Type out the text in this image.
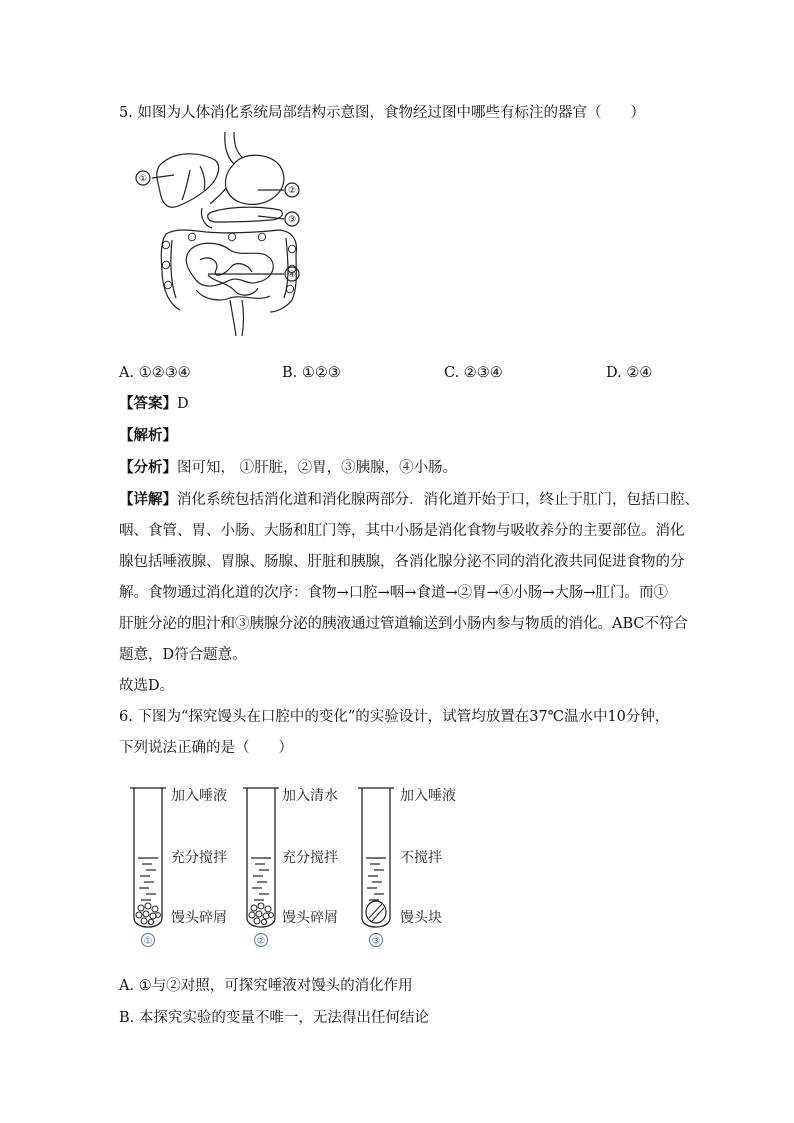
5. 如图为人体消化系统局部结构示意图，食物经过图中哪些有标注的器官（　　）
①
②
③
④
A. ①②③④	B. ①②③	C. ②③④	D. ②④
【答案】D
【解析】
【分析】图可知， ①肝脏，②胃，③胰腺，④小肠。
【详解】消化系统包括消化道和消化腺两部分．消化道开始于口，终止于肛门，包括口腔、
咽、食管、胃、小肠、大肠和肛门等，其中小肠是消化食物与吸收养分的主要部位。消化
腺包括唾液腺、胃腺、肠腺、肝脏和胰腺，各消化腺分泌不同的消化液共同促进食物的分
解。食物通过消化道的次序：食物→口腔→咽→食道→②胃→④小肠→大肠→肛门。而①
肝脏分泌的胆汁和③胰腺分泌的胰液通过管道输送到小肠内参与物质的消化。ABC不符合
题意，D符合题意。
故选D。
6. 下图为“探究馒头在口腔中的变化”的实验设计，试管均放置在37℃温水中10分钟，
下列说法正确的是（　　）
①
加入唾液
充分搅拌
馒头碎屑
②
加入清水
充分搅拌
馒头碎屑
③
加入唾液
不搅拌
馒头块
A. ①与②对照，可探究唾液对馒头的消化作用
B. 本探究实验的变量不唯一，无法得出任何结论
